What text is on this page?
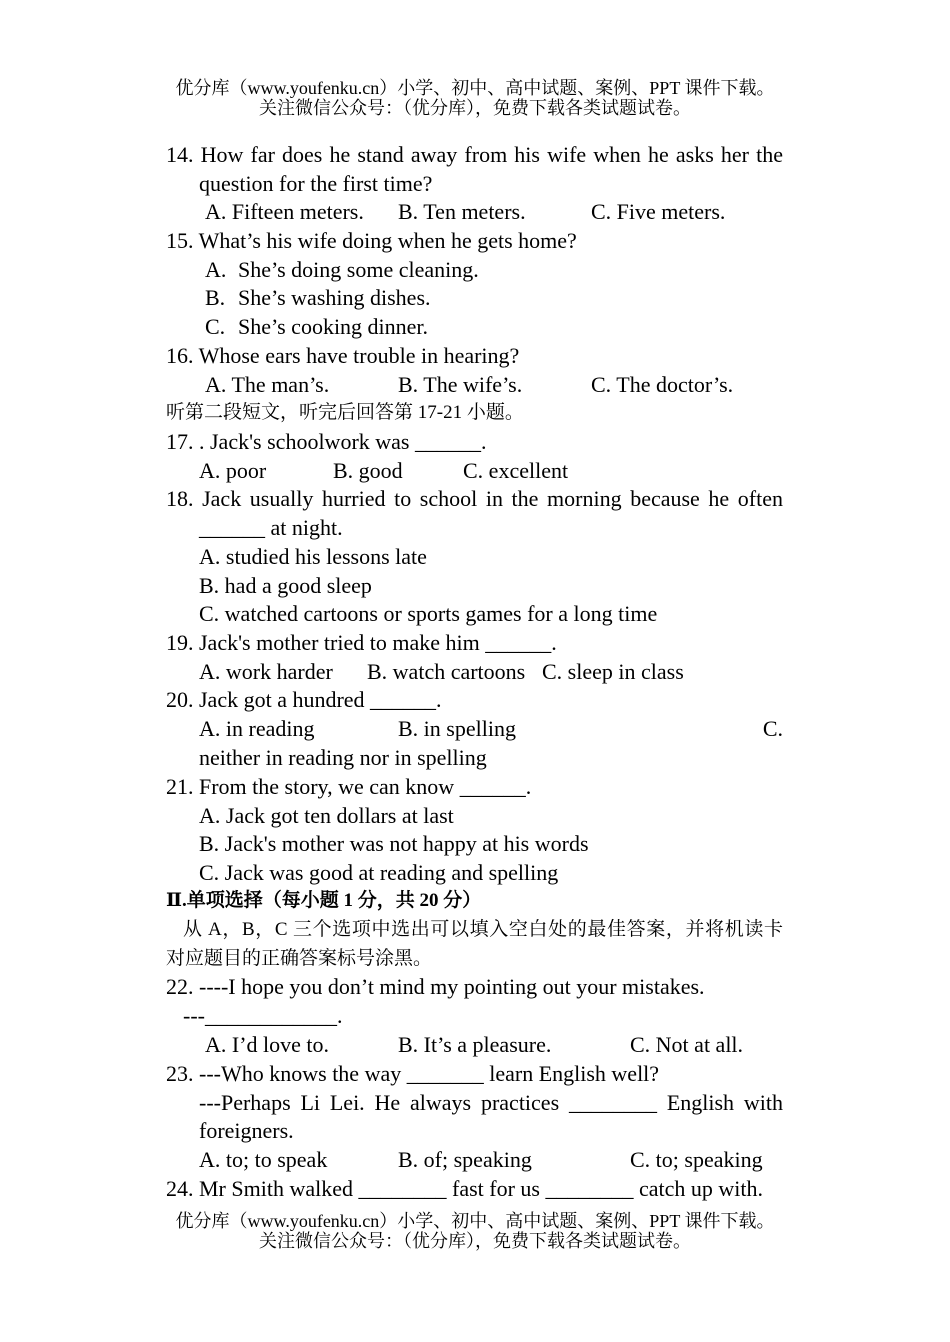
优分库（www.youfenku.cn）小学、初中、高中试题、案例、PPT 课件下载。
关注微信公众号：（优分库），免费下载各类试题试卷。
14. How far does he stand away from his wife when he asks her the
question for the first time?
A. Fifteen meters. B. Ten meters.	C. Five meters.
15. What’s his wife doing when he gets home?
A. She’s doing some cleaning.
B. She’s washing dishes.
C. She’s cooking dinner.
16. Whose ears have trouble in hearing?
A. The man’s.	B. The wife’s.	C. The doctor’s.
听第二段短文，听完后回答第 17-21 小题。
17. . Jack's schoolwork was ______.
A. poor	B. good	C. excellent
18. Jack usually hurried to school in the morning because he often
______ at night.
A. studied his lessons late
B. had a good sleep
C. watched cartoons or sports games for a long time
19. Jack's mother tried to make him ______.
A. work harder B. watch cartoons C. sleep in class
20. Jack got a hundred ______.
A. in reading	B. in spelling	C.
neither in reading nor in spelling
21. From the story, we can know ______.
A. Jack got ten dollars at last
B. Jack's mother was not happy at his words
C. Jack was good at reading and spelling
Ⅱ.单项选择（每小题 1 分，共 20 分）
从 A，B，C 三个选项中选出可以填入空白处的最佳答案，并将机读卡
对应题目的正确答案标号涂黑。
22. ----I hope you don’t mind my pointing out your mistakes.
---____________.
A. I’d love to.	B. It’s a pleasure.	C. Not at all.
23. ---Who knows the way _______ learn English well?
---Perhaps Li Lei. He always practices ________ English with
foreigners.
A. to; to speak	B. of; speaking	C. to; speaking
24. Mr Smith walked ________ fast for us ________ catch up with.
优分库（www.youfenku.cn）小学、初中、高中试题、案例、PPT 课件下载。
关注微信公众号：（优分库），免费下载各类试题试卷。
